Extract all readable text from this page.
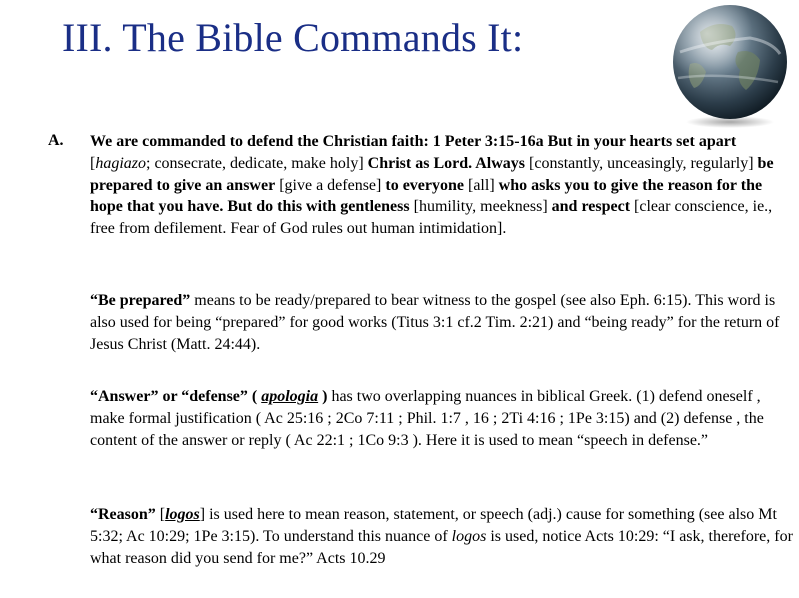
III. The Bible Commands It:
A. We are commanded to defend the Christian faith: 1 Peter 3:15-16a But in your hearts set apart [hagiazo; consecrate, dedicate, make holy] Christ as Lord. Always [constantly, unceasingly, regularly] be prepared to give an answer [give a defense] to everyone [all] who asks you to give the reason for the hope that you have. But do this with gentleness [humility, meekness] and respect [clear conscience, ie., free from defilement. Fear of God rules out human intimidation].
“Be prepared” means to be ready/prepared to bear witness to the gospel (see also Eph. 6:15). This word is also used for being “prepared” for good works (Titus 3:1 cf.2 Tim. 2:21) and “being ready” for the return of Jesus Christ (Matt. 24:44).
“Answer” or “defense” ( apologia ) has two overlapping nuances in biblical Greek. (1) defend oneself , make formal justification ( Ac 25:16 ; 2Co 7:11 ; Phil. 1:7 , 16 ; 2Ti 4:16 ; 1Pe 3:15) and (2) defense , the content of the answer or reply ( Ac 22:1 ; 1Co 9:3 ). Here it is used to mean “speech in defense.”
“Reason” [logos] is used here to mean reason, statement, or speech (adj.) cause for something (see also Mt 5:32; Ac 10:29; 1Pe 3:15). To understand this nuance of logos is used, notice Acts 10:29: “I ask, therefore, for what reason did you send for me?” Acts 10.29
